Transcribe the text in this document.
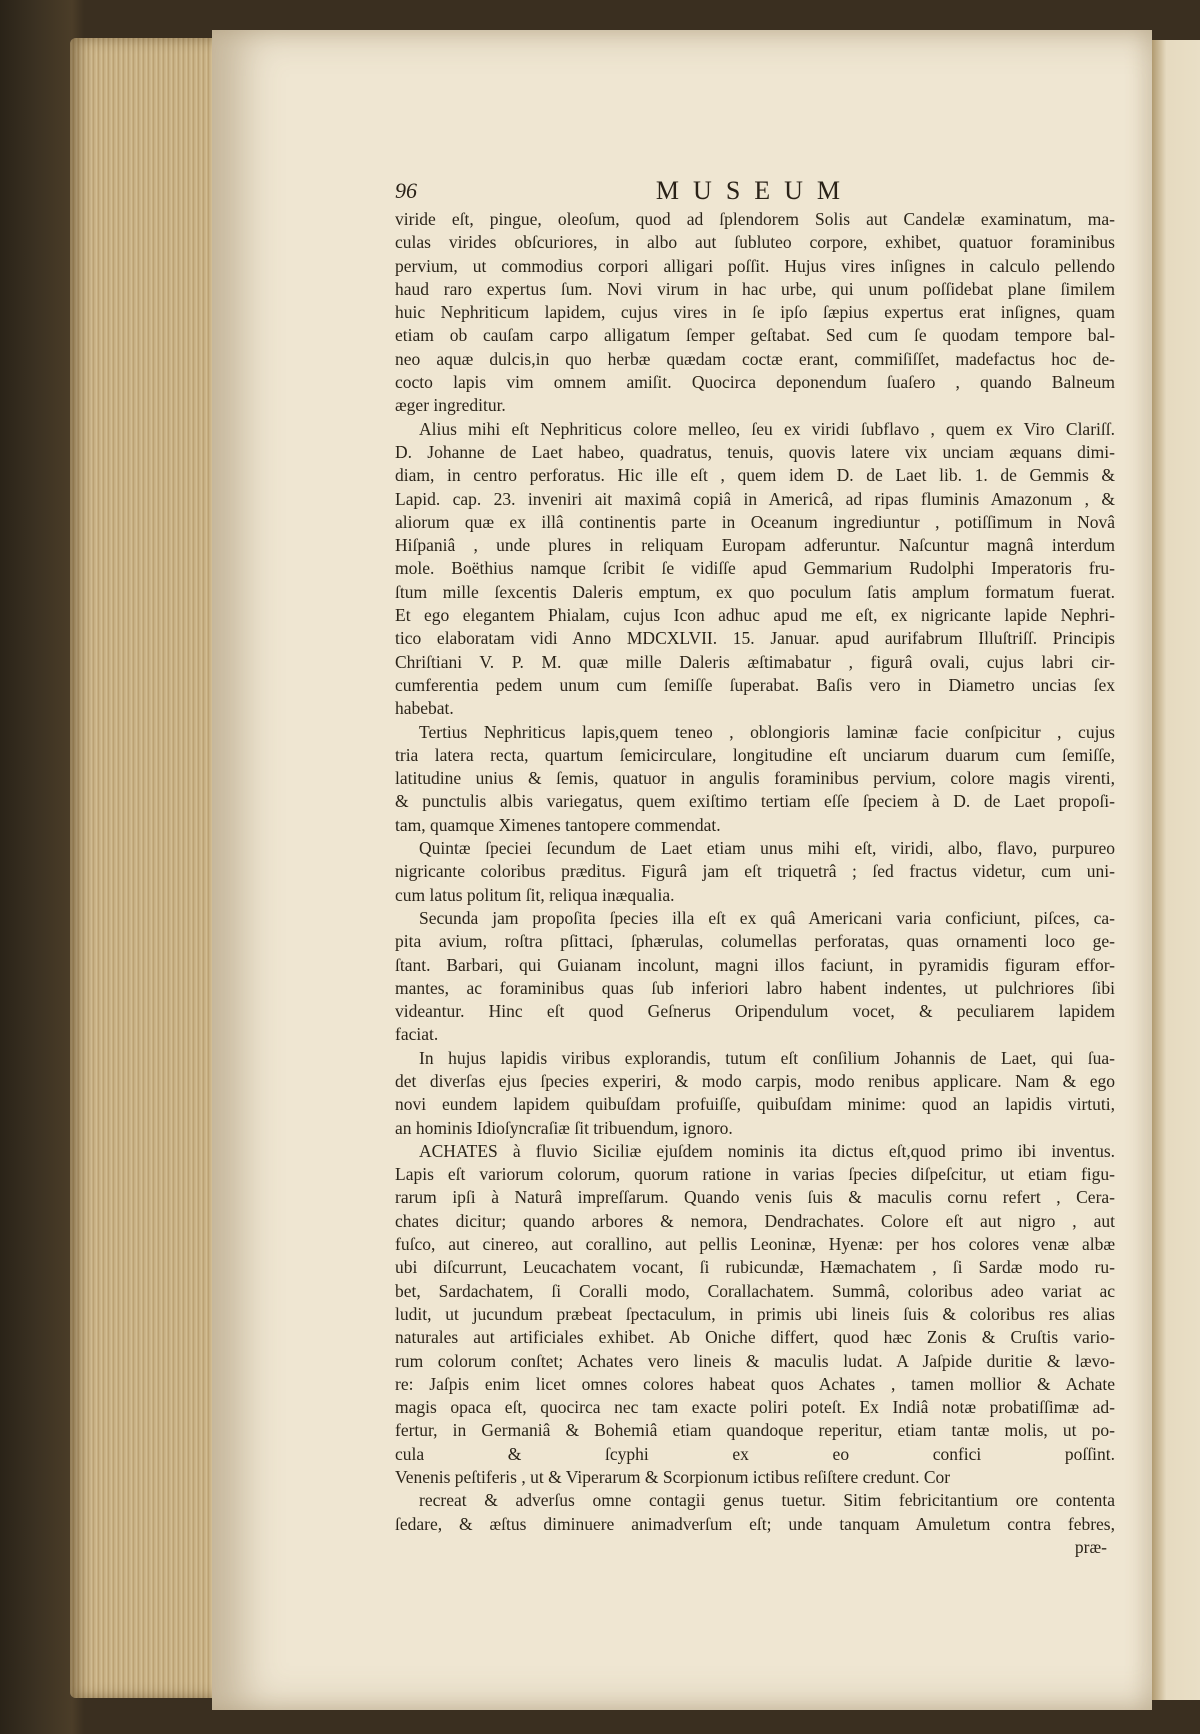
96	MUSEUM
viride eſt, pingue, oleoſum, quod ad ſplendorem Solis aut Candelæ examinatum, ma-
culas virides obſcuriores, in albo aut ſubluteo corpore, exhibet, quatuor foraminibus
pervium, ut commodius corpori alligari poſſit. Hujus vires inſignes in calculo pellendo
haud raro expertus ſum. Novi virum in hac urbe, qui unum poſſidebat plane ſimilem
huic Nephriticum lapidem, cujus vires in ſe ipſo ſæpius expertus erat inſignes, quam
etiam ob cauſam carpo alligatum ſemper geſtabat. Sed cum ſe quodam tempore bal-
neo aquæ dulcis,in quo herbæ quædam coctæ erant, commiſiſſet, madefactus hoc de-
cocto lapis vim omnem amiſit. Quocirca deponendum ſuaſero , quando Balneum
æger ingreditur.
Alius mihi eſt Nephriticus colore melleo, ſeu ex viridi ſubflavo , quem ex Viro Clariſſ.
D. Johanne de Laet habeo, quadratus, tenuis, quovis latere vix unciam æquans dimi-
diam, in centro perforatus. Hic ille eſt , quem idem D. de Laet lib. 1. de Gemmis &
Lapid. cap. 23. inveniri ait maximâ copiâ in Americâ, ad ripas fluminis Amazonum , &
aliorum quæ ex illâ continentis parte in Oceanum ingrediuntur , potiſſimum in Novâ
Hiſpaniâ , unde plures in reliquam Europam adferuntur. Naſcuntur magnâ interdum
mole. Boëthius namque ſcribit ſe vidiſſe apud Gemmarium Rudolphi Imperatoris fru-
ſtum mille ſexcentis Daleris emptum, ex quo poculum ſatis amplum formatum fuerat.
Et ego elegantem Phialam, cujus Icon adhuc apud me eſt, ex nigricante lapide Nephri-
tico elaboratam vidi Anno MDCXLVII. 15. Januar. apud aurifabrum Illuſtriſſ. Principis
Chriſtiani V. P. M. quæ mille Daleris æſtimabatur , figurâ ovali, cujus labri cir-
cumferentia pedem unum cum ſemiſſe ſuperabat. Baſis vero in Diametro uncias ſex
habebat.
Tertius Nephriticus lapis,quem teneo , oblongioris laminæ facie conſpicitur , cujus
tria latera recta, quartum ſemicirculare, longitudine eſt unciarum duarum cum ſemiſſe,
latitudine unius & ſemis, quatuor in angulis foraminibus pervium, colore magis virenti,
& punctulis albis variegatus, quem exiſtimo tertiam eſſe ſpeciem à D. de Laet propoſi-
tam, quamque Ximenes tantopere commendat.
Quintæ ſpeciei ſecundum de Laet etiam unus mihi eſt, viridi, albo, flavo, purpureo
nigricante coloribus præditus. Figurâ jam eſt triquetrâ ; ſed fractus videtur, cum uni-
cum latus politum ſit, reliqua inæqualia.
Secunda jam propoſita ſpecies illa eſt ex quâ Americani varia conficiunt, piſces, ca-
pita avium, roſtra pſittaci, ſphærulas, columellas perforatas, quas ornamenti loco ge-
ſtant. Barbari, qui Guianam incolunt, magni illos faciunt, in pyramidis figuram effor-
mantes, ac foraminibus quas ſub inferiori labro habent indentes, ut pulchriores ſibi
videantur. Hinc eſt quod Geſnerus Oripendulum vocet, & peculiarem lapidem
faciat.
In hujus lapidis viribus explorandis, tutum eſt conſilium Johannis de Laet, qui ſua-
det diverſas ejus ſpecies experiri, & modo carpis, modo renibus applicare. Nam & ego
novi eundem lapidem quibuſdam profuiſſe, quibuſdam minime: quod an lapidis virtuti,
an hominis Idioſyncraſiæ ſit tribuendum, ignoro.
ACHATES à fluvio Siciliæ ejuſdem nominis ita dictus eſt,quod primo ibi inventus.
Lapis eſt variorum colorum, quorum ratione in varias ſpecies diſpeſcitur, ut etiam figu-
rarum ipſi à Naturâ impreſſarum. Quando venis ſuis & maculis cornu refert , Cera-
chates dicitur; quando arbores & nemora, Dendrachates. Colore eſt aut nigro , aut
fuſco, aut cinereo, aut corallino, aut pellis Leoninæ, Hyenæ: per hos colores venæ albæ
ubi diſcurrunt, Leucachatem vocant, ſi rubicundæ, Hæmachatem , ſi Sardæ modo ru-
bet, Sardachatem, ſi Coralli modo, Corallachatem. Summâ, coloribus adeo variat ac
ludit, ut jucundum præbeat ſpectaculum, in primis ubi lineis ſuis & coloribus res alias
naturales aut artificiales exhibet. Ab Oniche differt, quod hæc Zonis & Cruſtis vario-
rum colorum conſtet; Achates vero lineis & maculis ludat. A Jaſpide duritie & lævo-
re: Jaſpis enim licet omnes colores habeat quos Achates , tamen mollior & Achate
magis opaca eſt, quocirca nec tam exacte poliri poteſt. Ex Indiâ notæ probatiſſimæ ad-
fertur, in Germaniâ & Bohemiâ etiam quandoque reperitur, etiam tantæ molis, ut po-
cula & ſcyphi ex eo confici poſſint.
Venenis peſtiferis , ut & Viperarum & Scorpionum ictibus reſiſtere credunt. Cor
recreat & adverſus omne contagii genus tuetur. Sitim febricitantium ore contenta
ſedare, & æſtus diminuere animadverſum eſt; unde tanquam Amuletum contra febres,
præ-
